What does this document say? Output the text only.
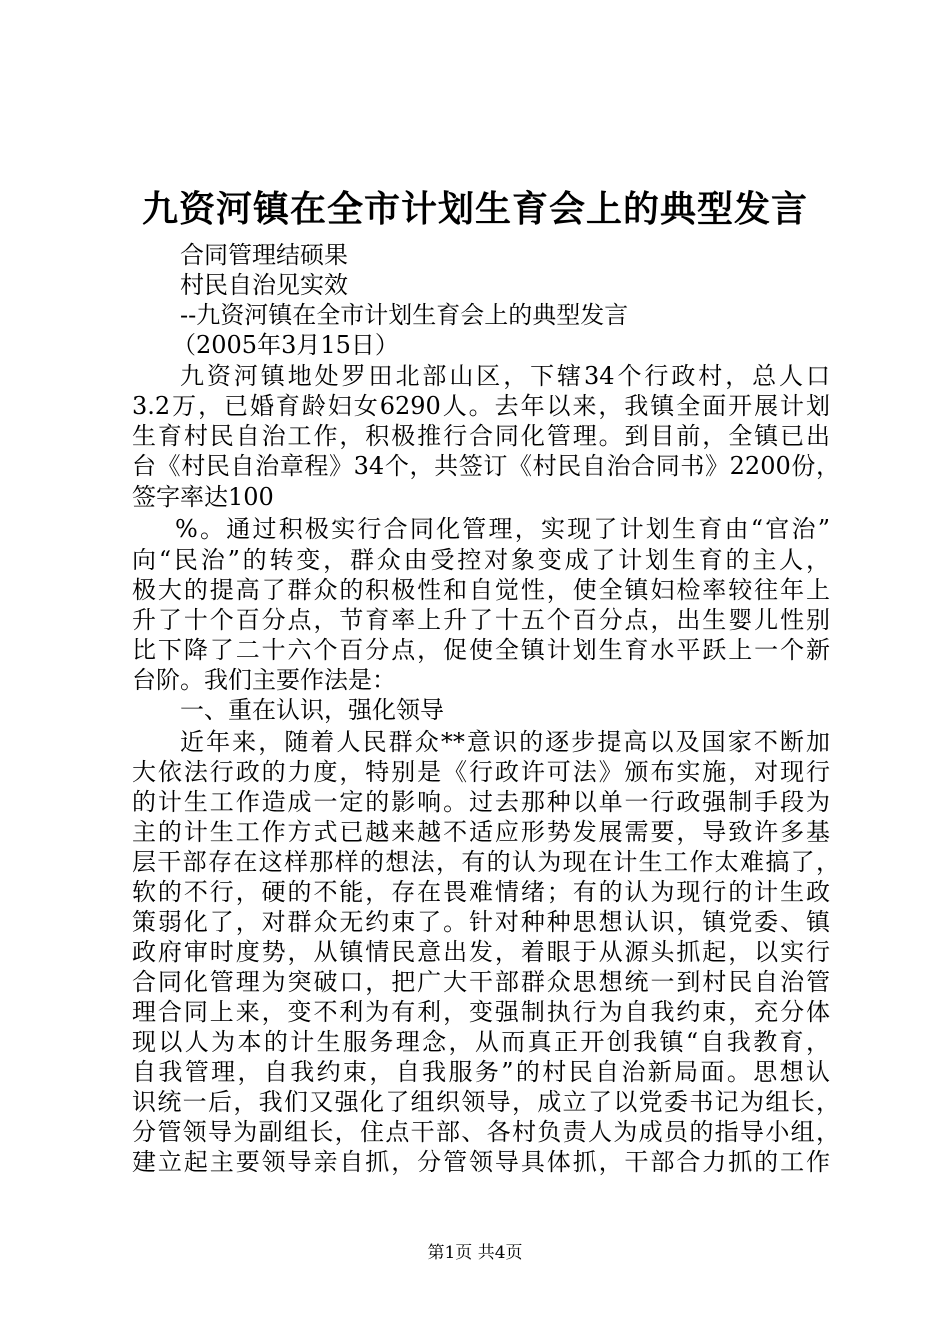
九资河镇在全市计划生育会上的典型发言
合同管理结硕果
村民自治见实效
--九资河镇在全市计划生育会上的典型发言
（2005年3月15日）
九资河镇地处罗田北部山区，下辖34个行政村，总人口
3.2万，已婚育龄妇女6290人。去年以来，我镇全面开展计划
生育村民自治工作，积极推行合同化管理。到目前，全镇已出
台《村民自治章程》34个，共签订《村民自治合同书》2200份，
签字率达100
%。通过积极实行合同化管理，实现了计划生育由“官治”
向“民治”的转变，群众由受控对象变成了计划生育的主人，
极大的提高了群众的积极性和自觉性，使全镇妇检率较往年上
升了十个百分点，节育率上升了十五个百分点，出生婴儿性别
比下降了二十六个百分点，促使全镇计划生育水平跃上一个新
台阶。我们主要作法是：
一、重在认识，强化领导
近年来，随着人民群众**意识的逐步提高以及国家不断加
大依法行政的力度，特别是《行政许可法》颁布实施，对现行
的计生工作造成一定的影响。过去那种以单一行政强制手段为
主的计生工作方式已越来越不适应形势发展需要，导致许多基
层干部存在这样那样的想法，有的认为现在计生工作太难搞了，
软的不行，硬的不能，存在畏难情绪；有的认为现行的计生政
策弱化了，对群众无约束了。针对种种思想认识，镇党委、镇
政府审时度势，从镇情民意出发，着眼于从源头抓起，以实行
合同化管理为突破口，把广大干部群众思想统一到村民自治管
理合同上来，变不利为有利，变强制执行为自我约束，充分体
现以人为本的计生服务理念，从而真正开创我镇“自我教育，
自我管理，自我约束，自我服务”的村民自治新局面。思想认
识统一后，我们又强化了组织领导，成立了以党委书记为组长，
分管领导为副组长，住点干部、各村负责人为成员的指导小组，
建立起主要领导亲自抓，分管领导具体抓，干部合力抓的工作
第1页 共4页
